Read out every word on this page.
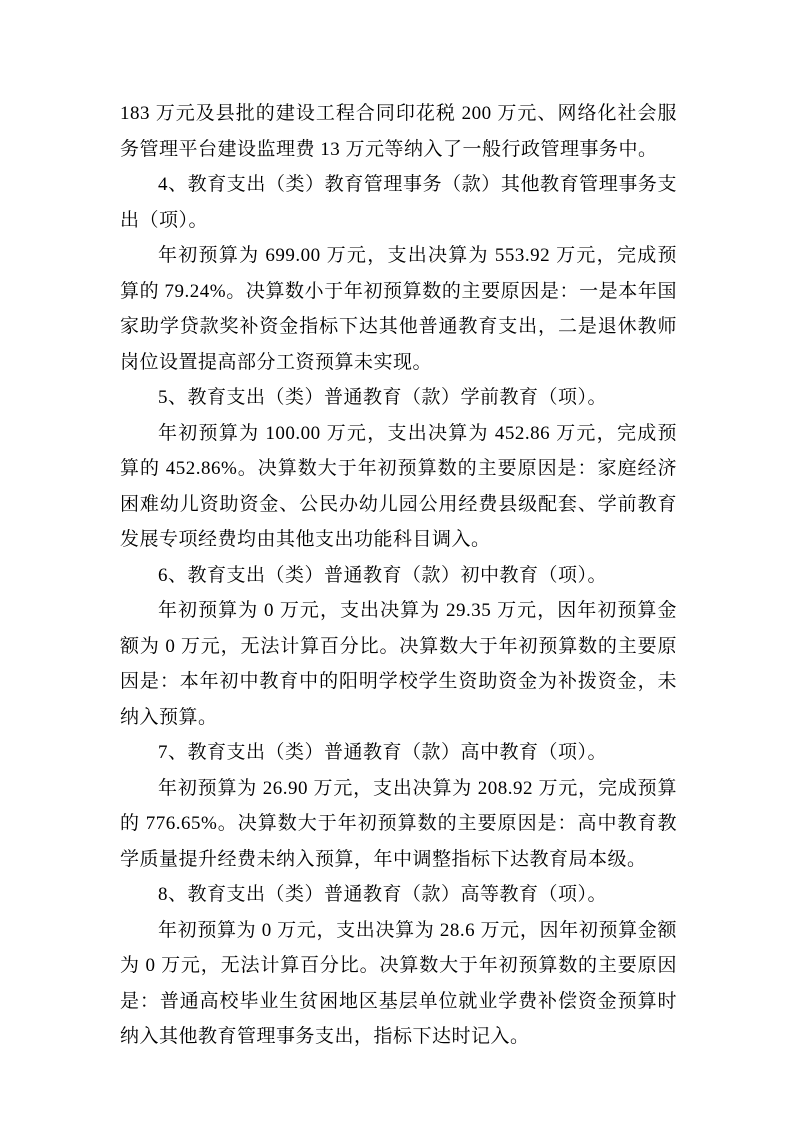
183 万元及县批的建设工程合同印花税 200 万元、网络化社会服务管理平台建设监理费 13 万元等纳入了一般行政管理事务中。

4、教育支出（类）教育管理事务（款）其他教育管理事务支出（项）。

年初预算为 699.00 万元，支出决算为 553.92 万元，完成预算的 79.24%。决算数小于年初预算数的主要原因是：一是本年国家助学贷款奖补资金指标下达其他普通教育支出，二是退休教师岗位设置提高部分工资预算未实现。

5、教育支出（类）普通教育（款）学前教育（项）。

年初预算为 100.00 万元，支出决算为 452.86 万元，完成预算的 452.86%。决算数大于年初预算数的主要原因是：家庭经济困难幼儿资助资金、公民办幼儿园公用经费县级配套、学前教育发展专项经费均由其他支出功能科目调入。

6、教育支出（类）普通教育（款）初中教育（项）。

年初预算为 0 万元，支出决算为 29.35 万元，因年初预算金额为 0 万元，无法计算百分比。决算数大于年初预算数的主要原因是：本年初中教育中的阳明学校学生资助资金为补拨资金，未纳入预算。

7、教育支出（类）普通教育（款）高中教育（项）。

年初预算为 26.90 万元，支出决算为 208.92 万元，完成预算的 776.65%。决算数大于年初预算数的主要原因是：高中教育教学质量提升经费未纳入预算，年中调整指标下达教育局本级。

8、教育支出（类）普通教育（款）高等教育（项）。

年初预算为 0 万元，支出决算为 28.6 万元，因年初预算金额为 0 万元，无法计算百分比。决算数大于年初预算数的主要原因是：普通高校毕业生贫困地区基层单位就业学费补偿资金预算时纳入其他教育管理事务支出，指标下达时记入。
